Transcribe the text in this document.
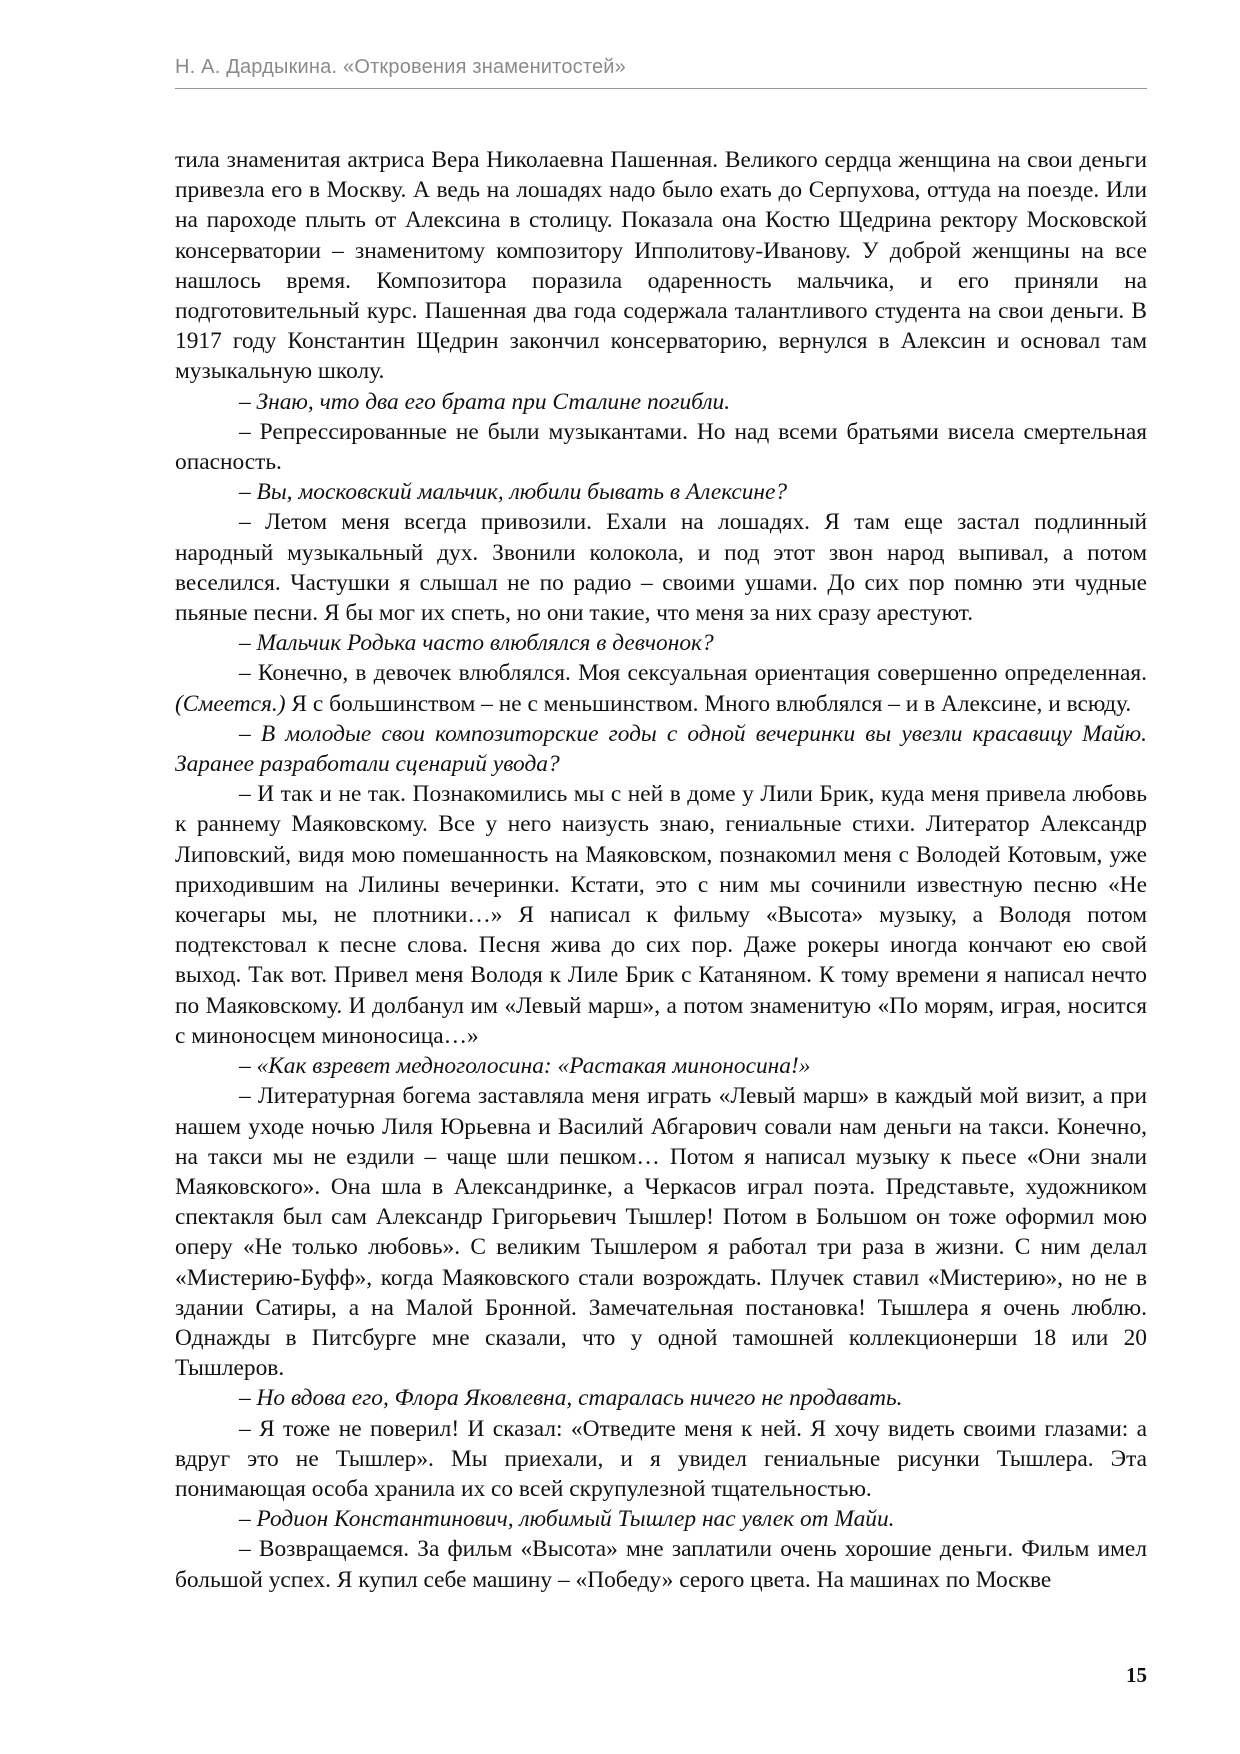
Н. А. Дардыкина. «Откровения знаменитостей»

тила знаменитая актриса Вера Николаевна Пашенная. Великого сердца женщина на свои деньги привезла его в Москву. А ведь на лошадях надо было ехать до Серпухова, оттуда на поезде. Или на пароходе плыть от Алексина в столицу. Показала она Костю Щедрина ректору Московской консерватории – знаменитому композитору Ипполитову-Иванову. У доброй женщины на все нашлось время. Композитора поразила одаренность мальчика, и его приняли на подготовительный курс. Пашенная два года содержала талантливого студента на свои деньги. В 1917 году Константин Щедрин закончил консерваторию, вернулся в Алексин и основал там музыкальную школу.

– Знаю, что два его брата при Сталине погибли.

– Репрессированные не были музыкантами. Но над всеми братьями висела смертельная опасность.

– Вы, московский мальчик, любили бывать в Алексине?

– Летом меня всегда привозили. Ехали на лошадях. Я там еще застал подлинный народный музыкальный дух. Звонили колокола, и под этот звон народ выпивал, а потом веселился. Частушки я слышал не по радио – своими ушами. До сих пор помню эти чудные пьяные песни. Я бы мог их спеть, но они такие, что меня за них сразу арестуют.

– Мальчик Родька часто влюблялся в девчонок?

– Конечно, в девочек влюблялся. Моя сексуальная ориентация совершенно определенная. (Смеется.) Я с большинством – не с меньшинством. Много влюблялся – и в Алексине, и всюду.

– В молодые свои композиторские годы с одной вечеринки вы увезли красавицу Майю. Заранее разработали сценарий увода?

– И так и не так. Познакомились мы с ней в доме у Лили Брик, куда меня привела любовь к раннему Маяковскому. Все у него наизусть знаю, гениальные стихи. Литератор Александр Липовский, видя мою помешанность на Маяковском, познакомил меня с Володей Котовым, уже приходившим на Лилины вечеринки. Кстати, это с ним мы сочинили известную песню «Не кочегары мы, не плотники…» Я написал к фильму «Высота» музыку, а Володя потом подтекстовал к песне слова. Песня жива до сих пор. Даже рокеры иногда кончают ею свой выход. Так вот. Привел меня Володя к Лиле Брик с Катаняном. К тому времени я написал нечто по Маяковскому. И долбанул им «Левый марш», а потом знаменитую «По морям, играя, носится с миноносцем миноносица…»

– «Как взревет медноголосина: «Растакая миноносина!»

– Литературная богема заставляла меня играть «Левый марш» в каждый мой визит, а при нашем уходе ночью Лиля Юрьевна и Василий Абгарович совали нам деньги на такси. Конечно, на такси мы не ездили – чаще шли пешком… Потом я написал музыку к пьесе «Они знали Маяковского». Она шла в Александринке, а Черкасов играл поэта. Представьте, художником спектакля был сам Александр Григорьевич Тышлер! Потом в Большом он тоже оформил мою оперу «Не только любовь». С великим Тышлером я работал три раза в жизни. С ним делал «Мистерию-Буфф», когда Маяковского стали возрождать. Плучек ставил «Мистерию», но не в здании Сатиры, а на Малой Бронной. Замечательная постановка! Тышлера я очень люблю. Однажды в Питсбурге мне сказали, что у одной тамошней коллекционерши 18 или 20 Тышлеров.

– Но вдова его, Флора Яковлевна, старалась ничего не продавать.

– Я тоже не поверил! И сказал: «Отведите меня к ней. Я хочу видеть своими глазами: а вдруг это не Тышлер». Мы приехали, и я увидел гениальные рисунки Тышлера. Эта понимающая особа хранила их со всей скрупулезной тщательностью.

– Родион Константинович, любимый Тышлер нас увлек от Майи.

– Возвращаемся. За фильм «Высота» мне заплатили очень хорошие деньги. Фильм имел большой успех. Я купил себе машину – «Победу» серого цвета. На машинах по Москве

15
